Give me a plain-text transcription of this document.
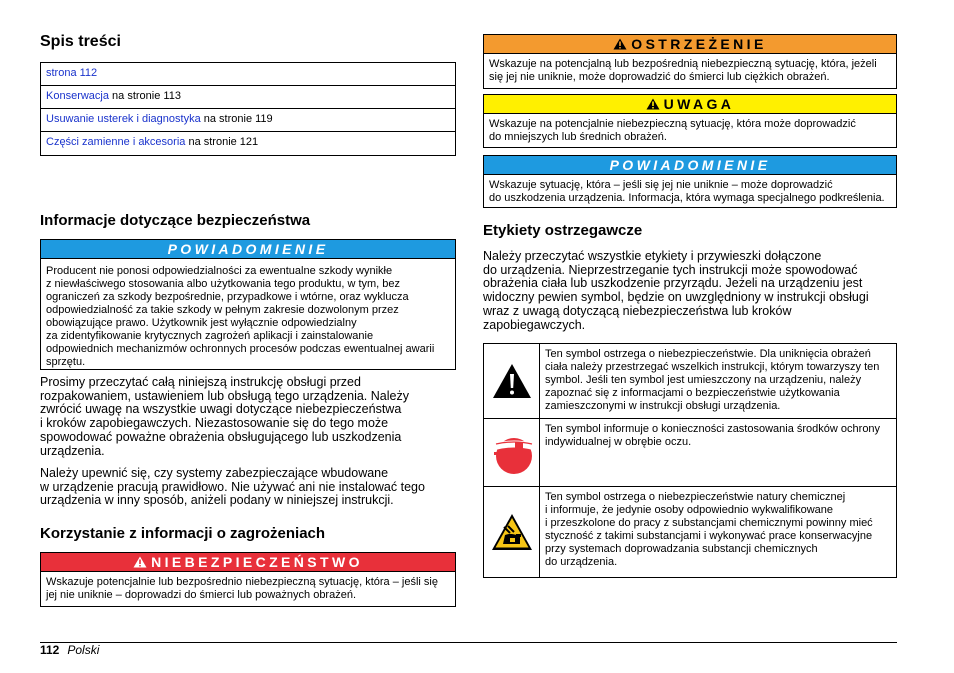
Spis treści
strona 112
Konserwacja na stronie 113
Usuwanie usterek i diagnostyka na stronie 119
Części zamienne i akcesoria na stronie 121
Informacje dotyczące bezpieczeństwa
POWIADOMIENIE
Producent nie ponosi odpowiedzialności za ewentualne szkody wynikłe
z niewłaściwego stosowania albo użytkowania tego produktu, w tym, bez
ograniczeń za szkody bezpośrednie, przypadkowe i wtórne, oraz wyklucza
odpowiedzialność za takie szkody w pełnym zakresie dozwolonym przez
obowiązujące prawo. Użytkownik jest wyłącznie odpowiedzialny
za zidentyfikowanie krytycznych zagrożeń aplikacji i zainstalowanie
odpowiednich mechanizmów ochronnych procesów podczas ewentualnej awarii
sprzętu.
Prosimy przeczytać całą niniejszą instrukcję obsługi przed
rozpakowaniem, ustawieniem lub obsługą tego urządzenia. Należy
zwrócić uwagę na wszystkie uwagi dotyczące niebezpieczeństwa
i kroków zapobiegawczych. Niezastosowanie się do tego może
spowodować poważne obrażenia obsługującego lub uszkodzenia
urządzenia.
Należy upewnić się, czy systemy zabezpieczające wbudowane
w urządzenie pracują prawidłowo. Nie używać ani nie instalować tego
urządzenia w inny sposób, aniżeli podany w niniejszej instrukcji.
Korzystanie z informacji o zagrożeniach
NIEBEZPIECZEŃSTWO
Wskazuje potencjalnie lub bezpośrednio niebezpieczną sytuację, która – jeśli się
jej nie uniknie – doprowadzi do śmierci lub poważnych obrażeń.
OSTRZEŻENIE
Wskazuje na potencjalną lub bezpośrednią niebezpieczną sytuację, która, jeżeli
się jej nie uniknie, może doprowadzić do śmierci lub ciężkich obrażeń.
UWAGA
Wskazuje na potencjalnie niebezpieczną sytuację, która może doprowadzić
do mniejszych lub średnich obrażeń.
POWIADOMIENIE
Wskazuje sytuację, która – jeśli się jej nie uniknie – może doprowadzić
do uszkodzenia urządzenia. Informacja, która wymaga specjalnego podkreślenia.
Etykiety ostrzegawcze
Należy przeczytać wszystkie etykiety i przywieszki dołączone
do urządzenia. Nieprzestrzeganie tych instrukcji może spowodować
obrażenia ciała lub uszkodzenie przyrządu. Jeżeli na urządzeniu jest
widoczny pewien symbol, będzie on uwzględniony w instrukcji obsługi
wraz z uwagą dotyczącą niebezpieczeństwa lub kroków
zapobiegawczych.
Ten symbol ostrzega o niebezpieczeństwie. Dla uniknięcia obrażeń
ciała należy przestrzegać wszelkich instrukcji, którym towarzyszy ten
symbol. Jeśli ten symbol jest umieszczony na urządzeniu, należy
zapoznać się z informacjami o bezpieczeństwie użytkowania
zamieszczonymi w instrukcji obsługi urządzenia.
Ten symbol informuje o konieczności zastosowania środków ochrony
indywidualnej w obrębie oczu.
Ten symbol ostrzega o niebezpieczeństwie natury chemicznej
i informuje, że jedynie osoby odpowiednio wykwalifikowane
i przeszkolone do pracy z substancjami chemicznymi powinny mieć
styczność z takimi substancjami i wykonywać prace konserwacyjne
przy systemach doprowadzania substancji chemicznych
do urządzenia.
112 Polski
